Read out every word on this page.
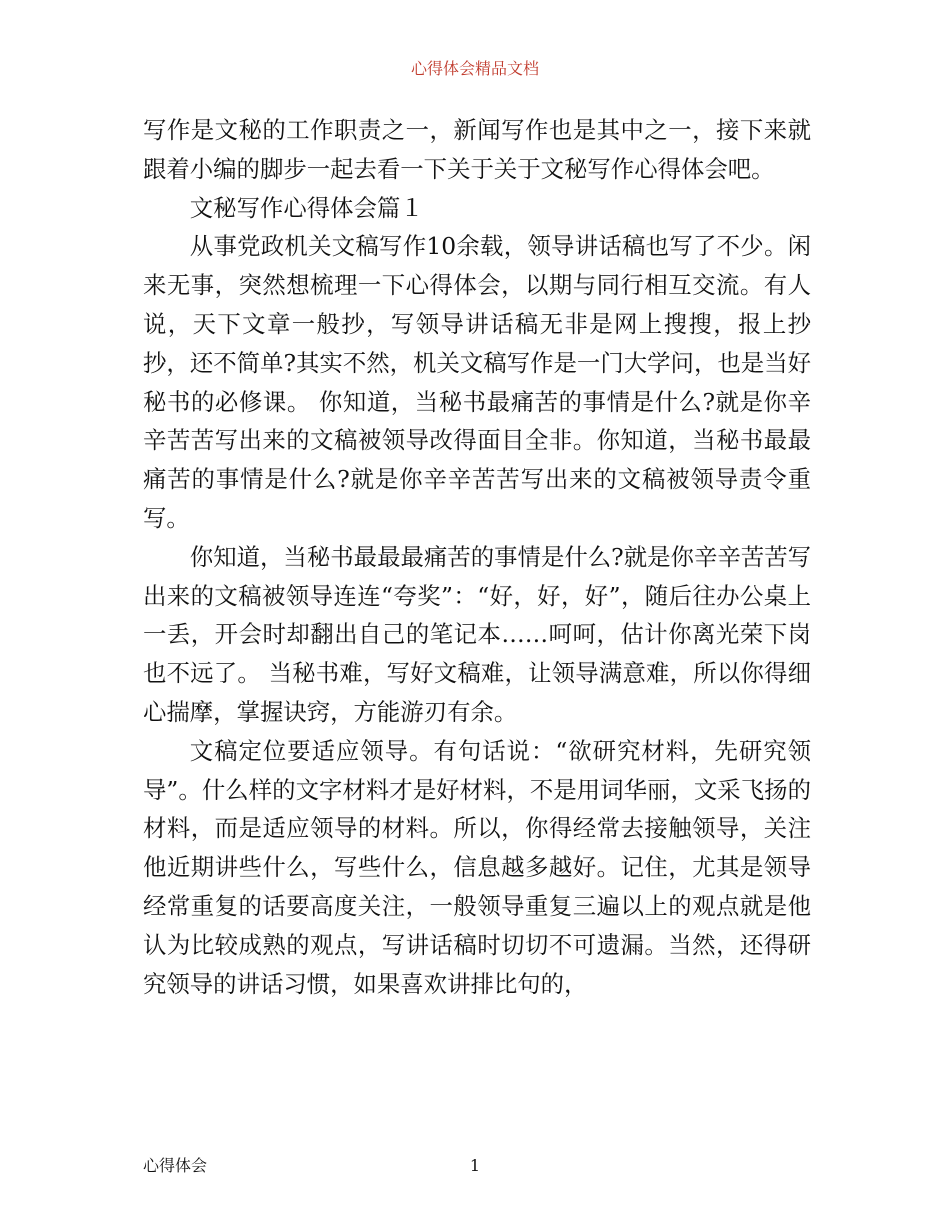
心得体会精品文档

写作是文秘的工作职责之一，新闻写作也是其中之一，接下来就跟着小编的脚步一起去看一下关于关于文秘写作心得体会吧。

文秘写作心得体会篇１

从事党政机关文稿写作10余载，领导讲话稿也写了不少。闲来无事，突然想梳理一下心得体会，以期与同行相互交流。有人说，天下文章一般抄，写领导讲话稿无非是网上搜搜，报上抄抄，还不简单?其实不然，机关文稿写作是一门大学问，也是当好秘书的必修课。 你知道，当秘书最痛苦的事情是什么?就是你辛辛苦苦写出来的文稿被领导改得面目全非。你知道，当秘书最最痛苦的事情是什么?就是你辛辛苦苦写出来的文稿被领导责令重写。

你知道，当秘书最最最痛苦的事情是什么?就是你辛辛苦苦写出来的文稿被领导连连“夸奖”：“好，好，好”，随后往办公桌上一丢，开会时却翻出自己的笔记本……呵呵，估计你离光荣下岗也不远了。 当秘书难，写好文稿难，让领导满意难，所以你得细心揣摩，掌握诀窍，方能游刃有余。

文稿定位要适应领导。有句话说：“欲研究材料，先研究领导”。什么样的文字材料才是好材料，不是用词华丽，文采飞扬的材料，而是适应领导的材料。所以，你得经常去接触领导，关注他近期讲些什么，写些什么，信息越多越好。记住，尤其是领导经常重复的话要高度关注，一般领导重复三遍以上的观点就是他认为比较成熟的观点，写讲话稿时切切不可遗漏。当然，还得研究领导的讲话习惯，如果喜欢讲排比句的，

心得体会	1
